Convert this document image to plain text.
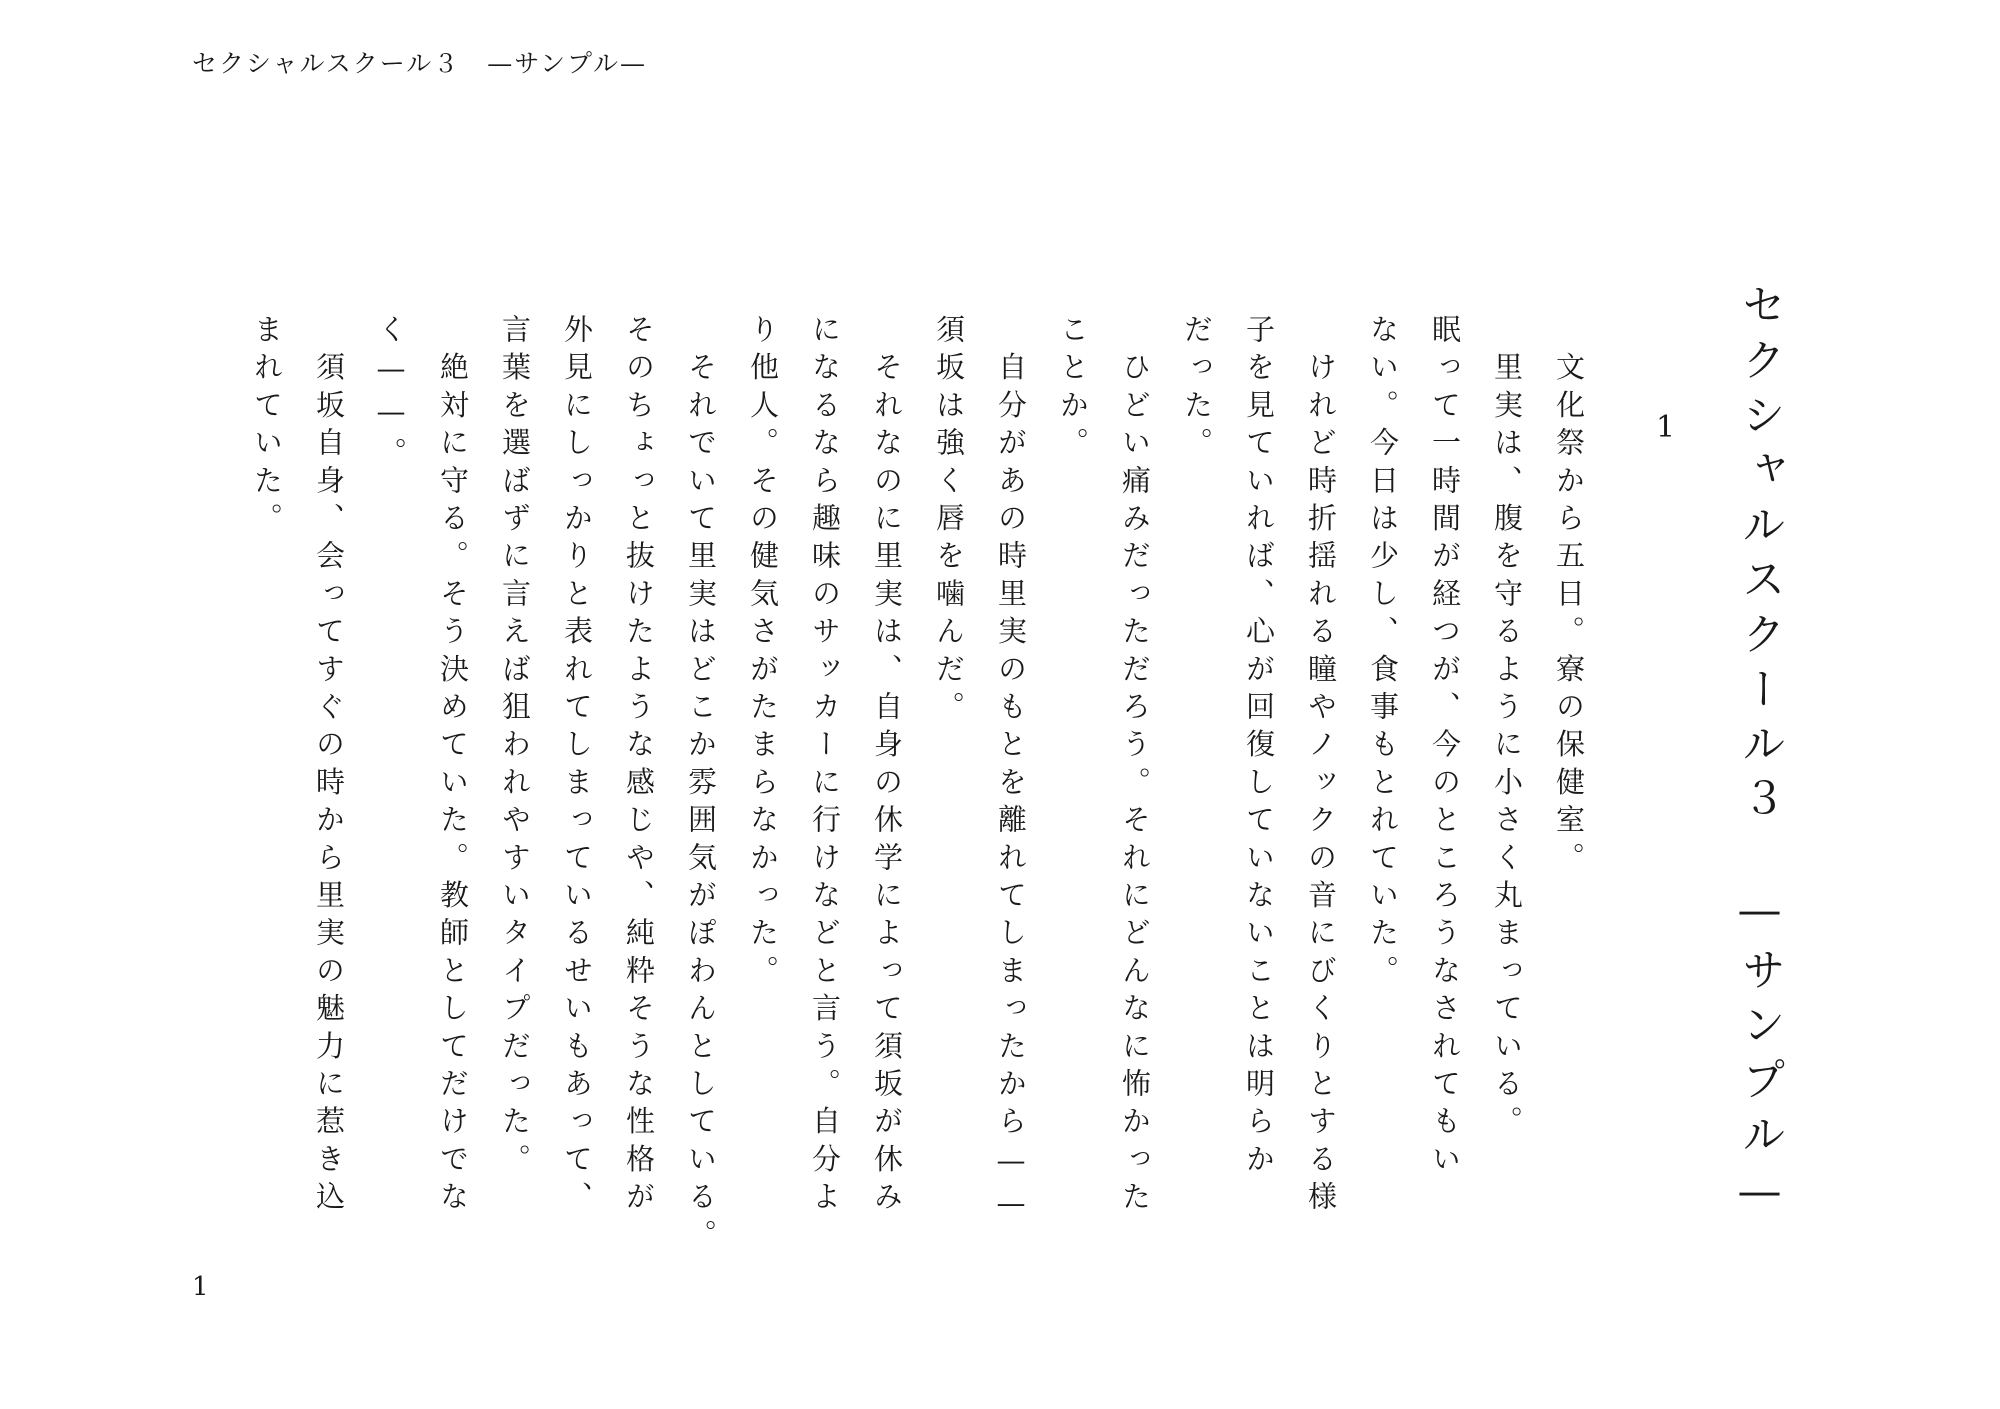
セクシャルスクール３　—サンプル—
セクシャルスクール３　—サンプル—
1
　文化祭から五日。寮の保健室。
　里実は、腹を守るように小さく丸まっている。
眠って一時間が経つが、今のところうなされてもい
ない。今日は少し、食事もとれていた。
　けれど時折揺れる瞳やノックの音にびくりとする様
子を見ていれば、心が回復していないことは明らか
だった。
　ひどい痛みだっただろう。それにどんなに怖かった
ことか。
　自分があの時里実のもとを離れてしまったから——
須坂は強く唇を噛んだ。
　それなのに里実は、自身の休学によって須坂が休み
になるなら趣味のサッカーに行けなどと言う。自分よ
り他人。その健気さがたまらなかった。
　それでいて里実はどこか雰囲気がぽわんとしている。
そのちょっと抜けたような感じや、純粋そうな性格が
外見にしっかりと表れてしまっているせいもあって、
言葉を選ばずに言えば狙われやすいタイプだった。
　絶対に守る。そう決めていた。教師としてだけでな
く——。
　須坂自身、会ってすぐの時から里実の魅力に惹き込
まれていた。
1
